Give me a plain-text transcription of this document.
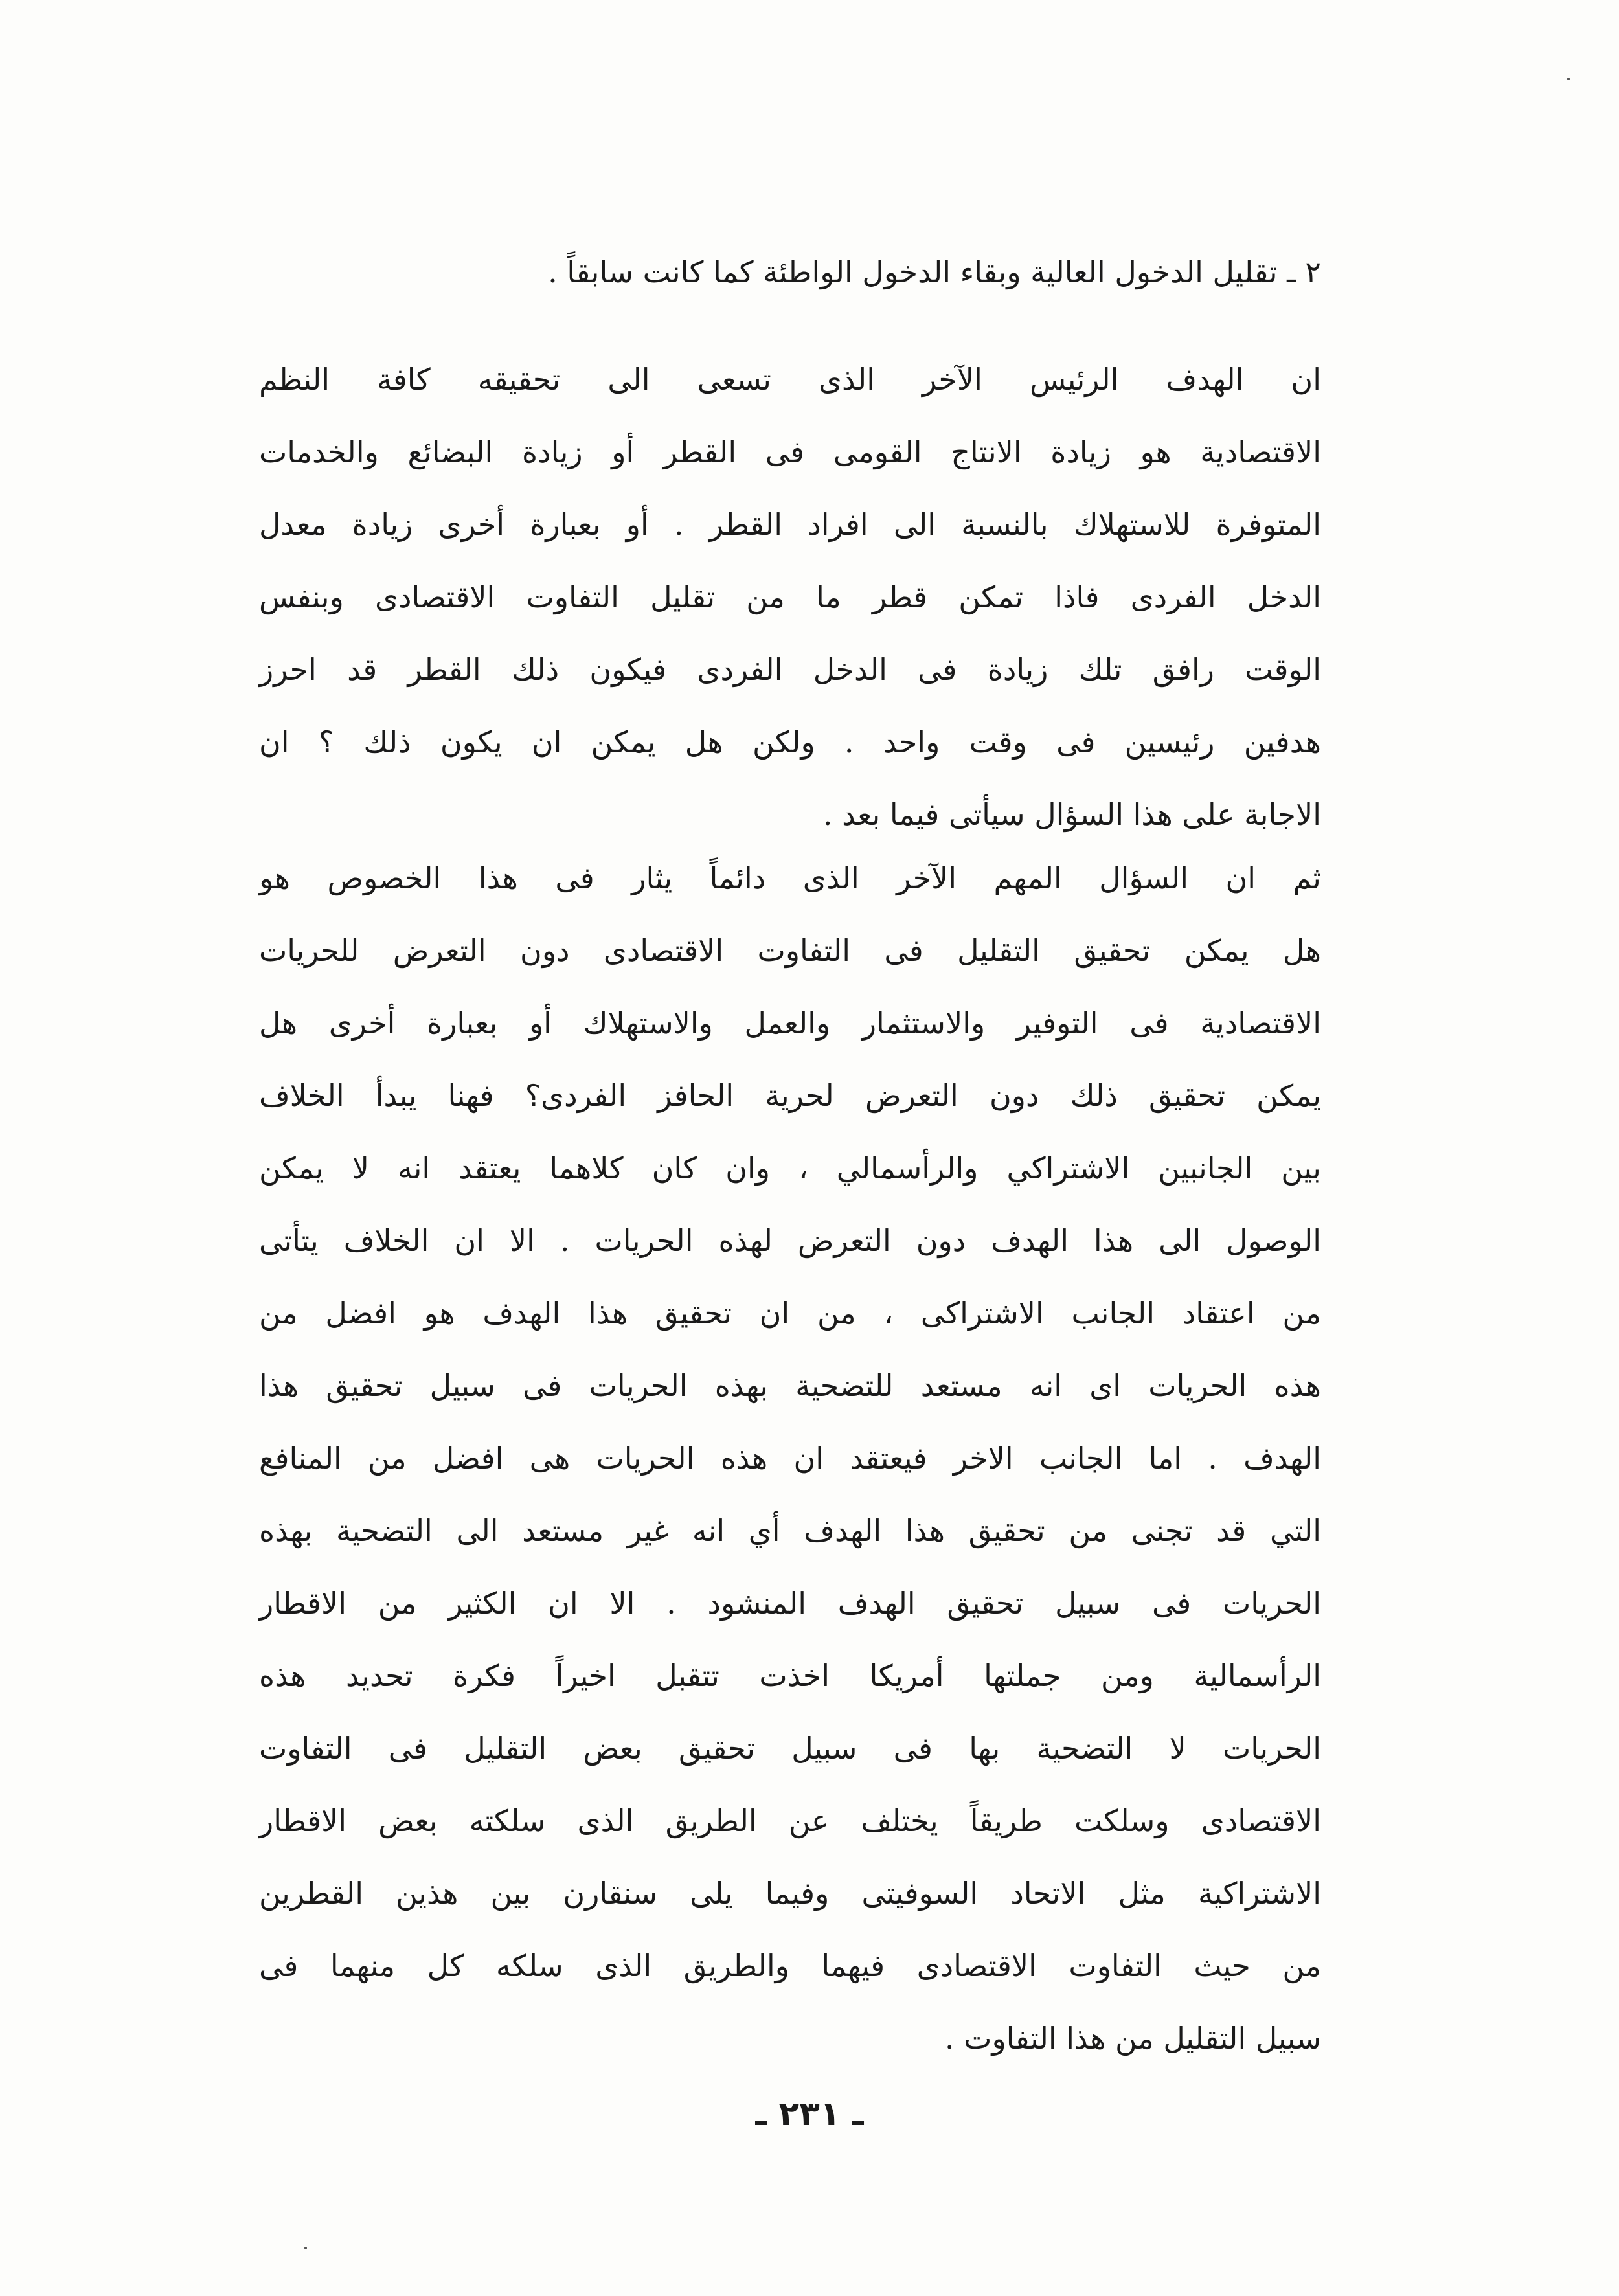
٢ ـ تقليل الدخول العالية وبقاء الدخول الواطئة كما كانت سابقاً .
ان الهدف الرئيس الآخر الذى تسعى الى تحقيقه كافة النظم
الاقتصادية هو زيادة الانتاج القومى فى القطر أو زيادة البضائع والخدمات
المتوفرة للاستهلاك بالنسبة الى افراد القطر . أو بعبارة أخرى زيادة معدل
الدخل الفردى فاذا تمكن قطر ما من تقليل التفاوت الاقتصادى وبنفس
الوقت رافق تلك زيادة فى الدخل الفردى فيكون ذلك القطر قد احرز
هدفين رئيسين فى وقت واحد . ولكن هل يمكن ان يكون ذلك ؟ ان
الاجابة على هذا السؤال سيأتى فيما بعد .
ثم ان السؤال المهم الآخر الذى دائماً يثار فى هذا الخصوص هو
هل يمكن تحقيق التقليل فى التفاوت الاقتصادى دون التعرض للحريات
الاقتصادية فى التوفير والاستثمار والعمل والاستهلاك أو بعبارة أخرى هل
يمكن تحقيق ذلك دون التعرض لحرية الحافز الفردى؟ فهنا يبدأ الخلاف
بين الجانبين الاشتراكي والرأسمالي ، وان كان كلاهما يعتقد انه لا يمكن
الوصول الى هذا الهدف دون التعرض لهذه الحريات . الا ان الخلاف يتأتى
من اعتقاد الجانب الاشتراكى ، من ان تحقيق هذا الهدف هو افضل من
هذه الحريات اى انه مستعد للتضحية بهذه الحريات فى سبيل تحقيق هذا
الهدف . اما الجانب الاخر فيعتقد ان هذه الحريات هى افضل من المنافع
التي قد تجنى من تحقيق هذا الهدف أي انه غير مستعد الى التضحية بهذه
الحريات فى سبيل تحقيق الهدف المنشود . الا ان الكثير من الاقطار
الرأسمالية ومن جملتها أمريكا اخذت تتقبل اخيراً فكرة تحديد هذه
الحريات لا التضحية بها فى سبيل تحقيق بعض التقليل فى التفاوت
الاقتصادى وسلكت طريقاً يختلف عن الطريق الذى سلكته بعض الاقطار
الاشتراكية مثل الاتحاد السوفيتى وفيما يلى سنقارن بين هذين القطرين
من حيث التفاوت الاقتصادى فيهما والطريق الذى سلكه كل منهما فى
سبيل التقليل من هذا التفاوت .
ـ ٢٣١ ـ
